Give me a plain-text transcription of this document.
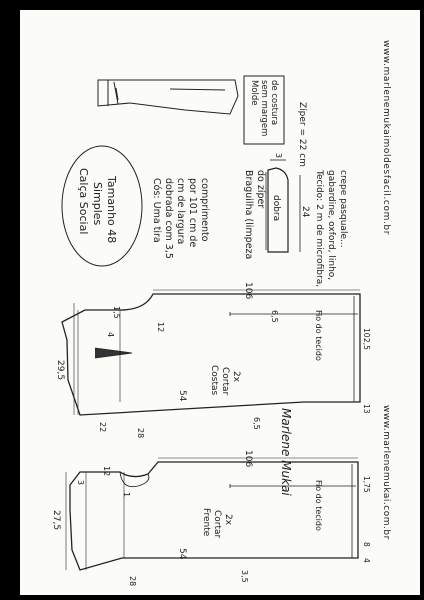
Molde sem margem de costura Zíper = 22 cm	www.marlenemukaimoldesfacil.com.br
Calça Social Simples Tamanho 48	Cós: Uma tira dobrada com 3,5 cm de largura por 101 cm de comprimento	Braguilha (limpeza do zíper dobra 24
3
Tecido: 2 m de microfibra, gabardine, oxford, linho, crepe pasquale...
29,5
106
1,5
12
6,5
6,5
54
4
22
28
10
2,5
13
Costas Cortar 2x
Fio do tecido
Marlene Mukai	www.marlenemukai.com.br
27,5
106
12
1
54
3
28	3,5
1,75
4
8
Frente Cortar 2x	Fio do tecido
